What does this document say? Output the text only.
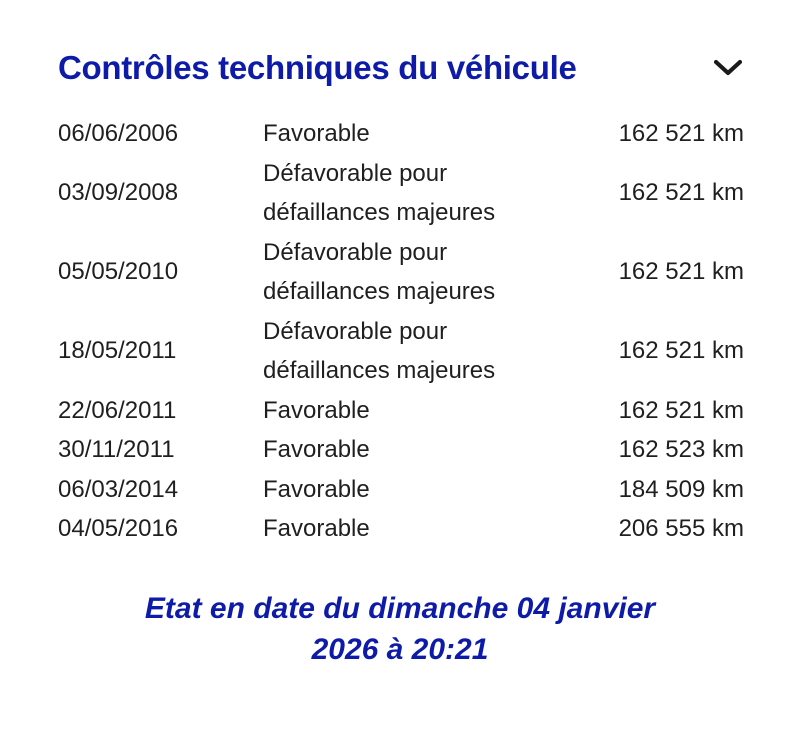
Contrôles techniques du véhicule
06/06/2006	Favorable	162 521 km
03/09/2008	Défavorable pour défaillances majeures	162 521 km
05/05/2010	Défavorable pour défaillances majeures	162 521 km
18/05/2011	Défavorable pour défaillances majeures	162 521 km
22/06/2011	Favorable	162 521 km
30/11/2011	Favorable	162 523 km
06/03/2014	Favorable	184 509 km
04/05/2016	Favorable	206 555 km
Etat en date du dimanche 04 janvier
2026 à 20:21
